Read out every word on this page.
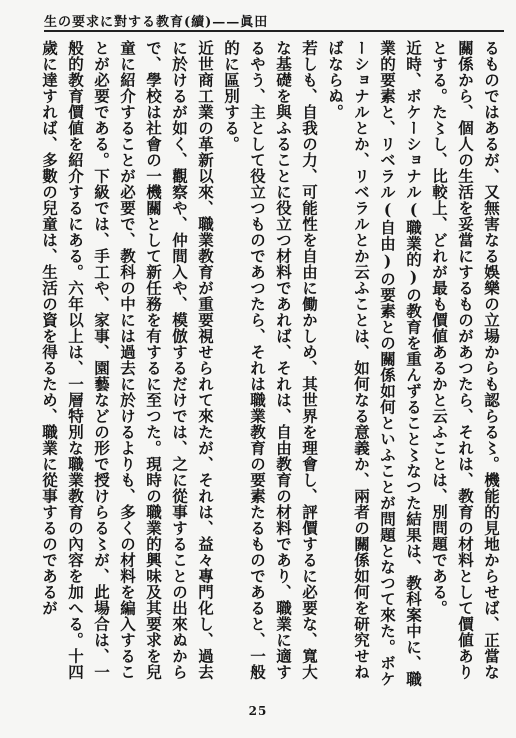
生の要求に對する教育(續)——眞田

るものではあるが、又無害なる娛樂の立場からも認らる〻。機能的見地からせば、正當な關係から、個人の生活を妥當にするものがあつたら、それは、教育の材料として價値ありとする。た〻し、比較上、どれが最も價値あるかと云ふことは、別問題である。

近時、ボケーショナル(職業的)の教育を重んずること〻なつた結果は、教科案中に、職業的要素と、リベラル(自由)の要素との關係如何といふことが問題となつて來た。ボケーショナルとか、リベラルとか云ふことは、如何なる意義か、兩者の關係如何を研究せねばならぬ。

若しも、自我の力、可能性を自由に働かしめ、其世界を理會し、評價するに必要な、寬大な基礎を與ふることに役立つ材料であれば、それは、自由教育の材料であり、職業に適するやう、主として役立つものであつたら、それは職業教育の要素たるものであると、一般的に區別する。

近世商工業の革新以來、職業教育が重要視せられて來たが、それは、益々專門化し、過去に於けるが如く、觀察や、仲間入や、模倣するだけでは、之に從事することの出來ぬからで、學校は社會の一機關として新任務を有するに至つた。現時の職業的興味及其要求を兒童に紹介することが必要で、教科の中には過去に於けるよりも、多くの材料を編入することが必要である。下級では、手工や、家事、園藝などの形で授けらる〻が、此場合は、一般的教育價値を紹介するにある。六年以上は、一層特別な職業教育の內容を加へる。十四歲に達すれば、多數の兒童は、生活の資を得るため、職業に從事するのであるが

25
